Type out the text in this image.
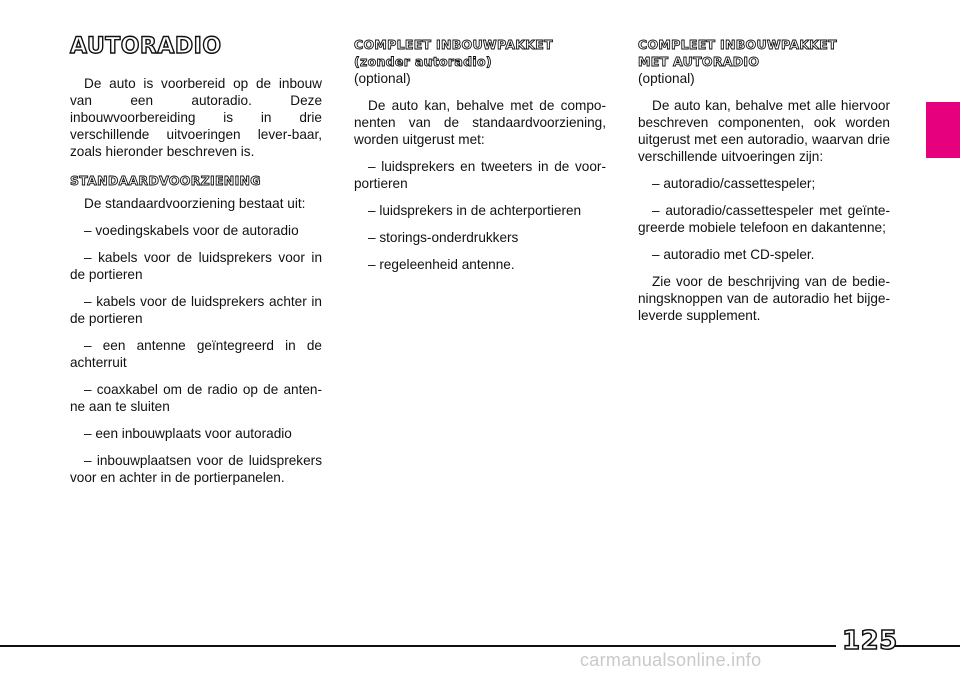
AUTORADIO

De auto is voorbereid op de inbouw van een autoradio. Deze inbouwvoorbereiding is in drie verschillende uitvoeringen lever-baar, zoals hieronder beschreven is.

STANDAARDVOORZIENING

De standaardvoorziening bestaat uit:

– voedingskabels voor de autoradio

– kabels voor de luidsprekers voor in de portieren

– kabels voor de luidsprekers achter in de portieren

– een antenne geïntegreerd in de achterruit

– coaxkabel om de radio op de anten-ne aan te sluiten

– een inbouwplaats voor autoradio

– inbouwplaatsen voor de luidsprekers voor en achter in de portierpanelen.

COMPLEET INBOUWPAKKET
(zonder autoradio)

(optional)

De auto kan, behalve met de compo-nenten van de standaardvoorziening, worden uitgerust met:

– luidsprekers en tweeters in de voor-portieren

– luidsprekers in de achterportieren

– storings-onderdrukkers

– regeleenheid antenne.

COMPLEET INBOUWPAKKET
MET AUTORADIO

(optional)

De auto kan, behalve met alle hiervoor beschreven componenten, ook worden uitgerust met een autoradio, waarvan drie verschillende uitvoeringen zijn:

– autoradio/cassettespeler;

– autoradio/cassettespeler met geïnte-greerde mobiele telefoon en dakantenne;

– autoradio met CD-speler.

Zie voor de beschrijving van de bedie-ningsknoppen van de autoradio het bijge-leverde supplement.

125
carmanualsonline.info
